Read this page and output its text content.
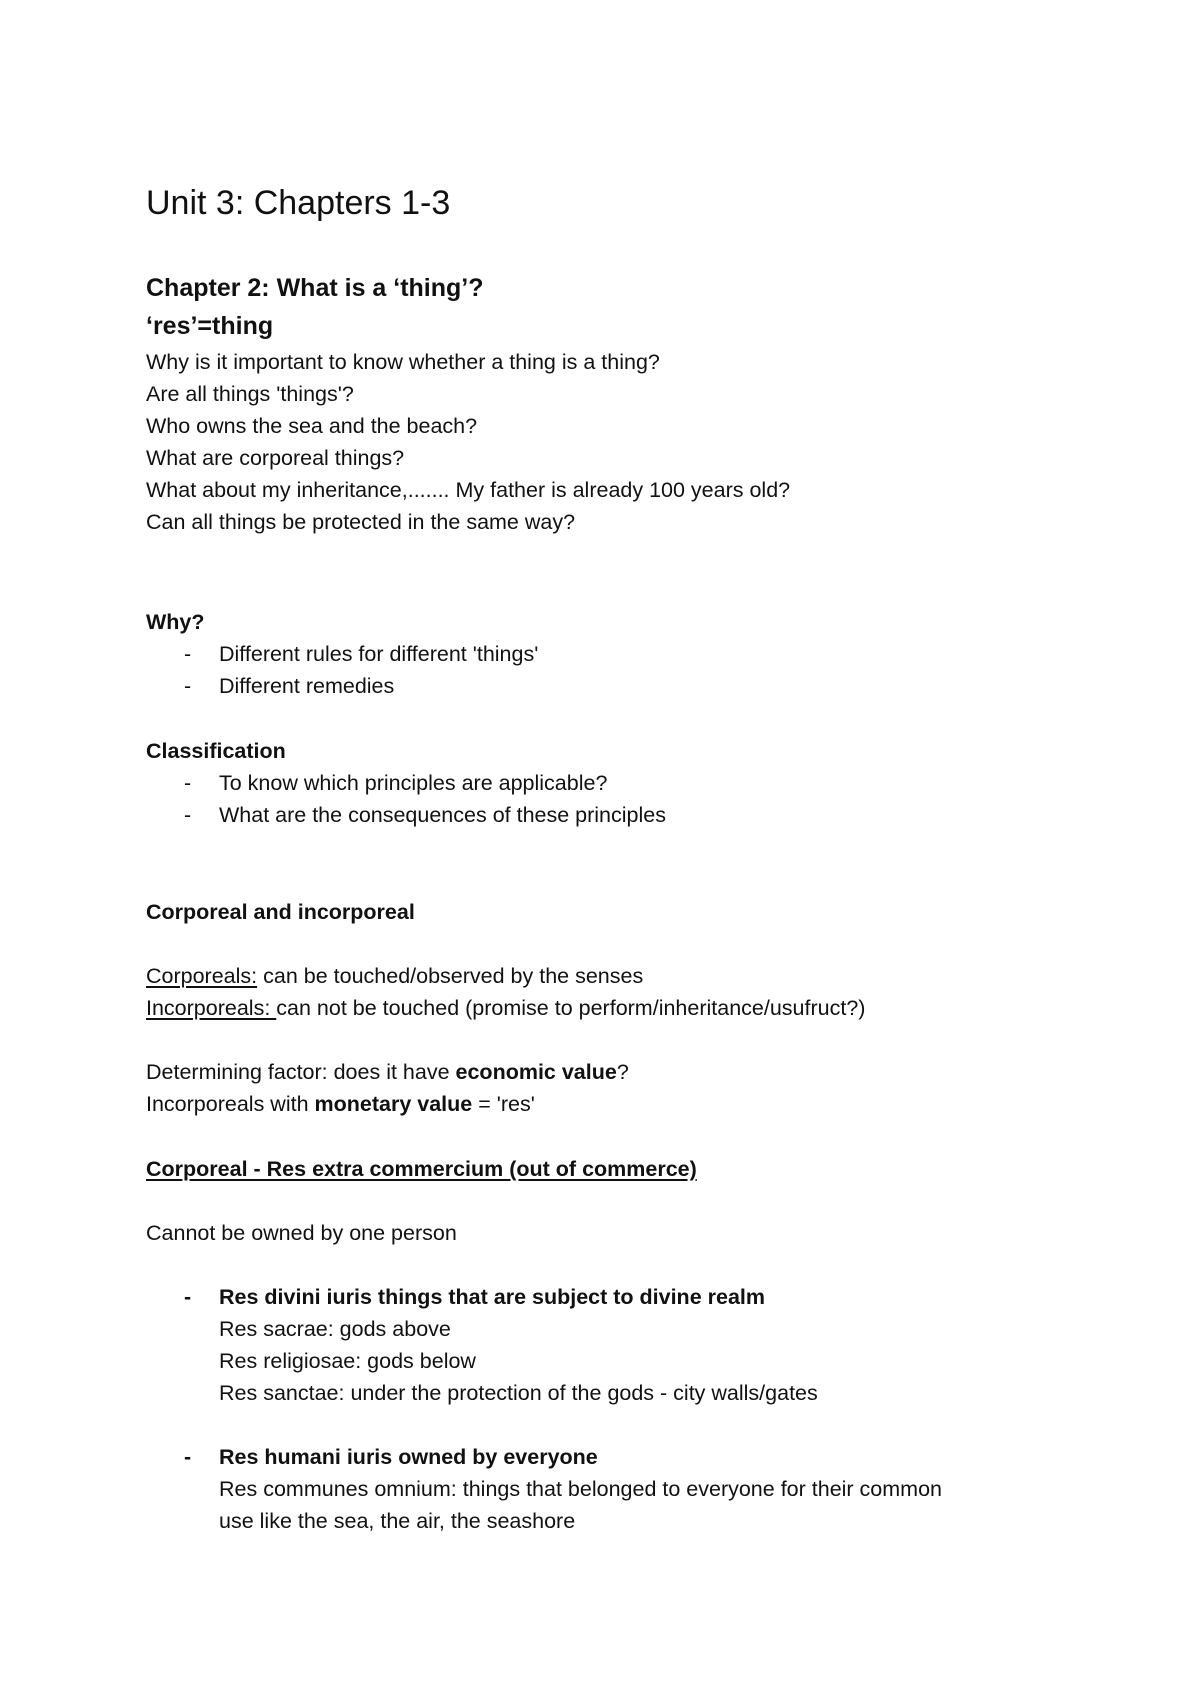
Unit 3: Chapters 1-3
Chapter 2: What is a ‘thing’?
‘res’=thing
Why is it important to know whether a thing is a thing?
Are all things 'things'?
Who owns the sea and the beach?
What are corporeal things?
What about my inheritance,....... My father is already 100 years old?
Can all things be protected in the same way?
Why?
- Different rules for different 'things'
- Different remedies
Classification
- To know which principles are applicable?
- What are the consequences of these principles
Corporeal and incorporeal
Corporeals: can be touched/observed by the senses
Incorporeals: can not be touched (promise to perform/inheritance/usufruct?)
Determining factor: does it have economic value?
Incorporeals with monetary value = 'res'
Corporeal - Res extra commercium (out of commerce)
Cannot be owned by one person
- Res divini iuris things that are subject to divine realm
Res sacrae: gods above
Res religiosae: gods below
Res sanctae: under the protection of the gods - city walls/gates
- Res humani iuris owned by everyone
Res communes omnium: things that belonged to everyone for their common
use like the sea, the air, the seashore
